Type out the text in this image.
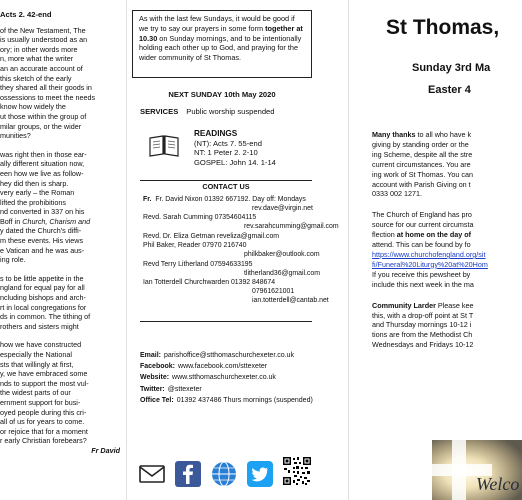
Acts 2. 42-end
of the New Testament, The
is usually understood as an
ory; in other words more
n, more what the writer
an an accurate account of
this sketch of the early
they shared all their goods in
ossessions to meet the needs
know how widely the
ut those within the group of
milar groups, or the wider
munities?
was right then in those ear-
ally different situation now,
een how we live as follow-
hey did then is sharp.
very early – the Roman
lifted the prohibitions
nd converted in 337 on his
Boff in Church, Charism and
y dated the Church's diffi-
m these events. His views
e Vatican and he was aus-
ing role.
s to be little appetite in the
ngland for equal pay for all
ncluding bishops and arch-
rt in local congregations for
ds in common. The tithing of
rothers and sisters might
how we have constructed
especially the National
sts that willingly at first,
y, we have embraced some
nds to support the most vul-
the widest parts of our
ernment support for busi-
oyed people during this cri-
all of us for years to come.
or rejoice that for a moment
r early Christian forebears?
Fr David
As with the last few Sundays, it would be good if
we try to say our prayers in some form together at
10.30 on Sunday mornings, and to be intentionally
holding each other up to God, and praying for the
wider community of St Thomas.
NEXT SUNDAY 10th May 2020
SERVICES Public worship suspended
READINGS
(NT): Acts 7. 55-end
NT: 1 Peter 2. 2-10
GOSPEL: John 14. 1-14
CONTACT US
Fr. Fr. David Nixon 01392 667192. Day off: Mondays
rev.dave@virgin.net
Revd. Sarah Cumming 07354604115
rev.sarahcumming@gmail.com
Revd. Dr. Eliza Getman reveliza@gmail.com
Phil Baker, Reader 07970 216740
philkbaker@outlook.com
Revd Terry Litherland 07594633195
tlitherland36@gmail.com
Ian Totterdell Churchwarden 01392 848674
07961621001
ian.totterdell@cantab.net
Email: parishoffice@stthomaschurchexeter.co.uk
Facebook: www.facebook.com/sttexeter
Website: www.stthomaschurchexeter.co.uk
Twitter: @sttexeter
Office Tel: 01392 437486 Thurs mornings (suspended)
St Thomas,
Sunday 3rd Ma
Easter 4
Many thanks to all who have k
giving by standing order or the
ing Scheme, despite all the stre
current circumstances. You are
ing work of St Thomas. You can
account with Parish Giving on t
0333 002 1271.
The Church of England has pro
source for our current circumsta
flection at home on the day of
attend. This can be found by fo
https://www.churchofengland.org/sit
fi/Funeral%20Liturgy%20at%20Hom
If you receive this pewsheet by
include this next week in the ma
Community Larder Please kee
this, with a drop-off point at St T
and Thursday mornings 10-12 i
tions are from the Methodist Ch
Wednesdays and Fridays 10-12
Welco
